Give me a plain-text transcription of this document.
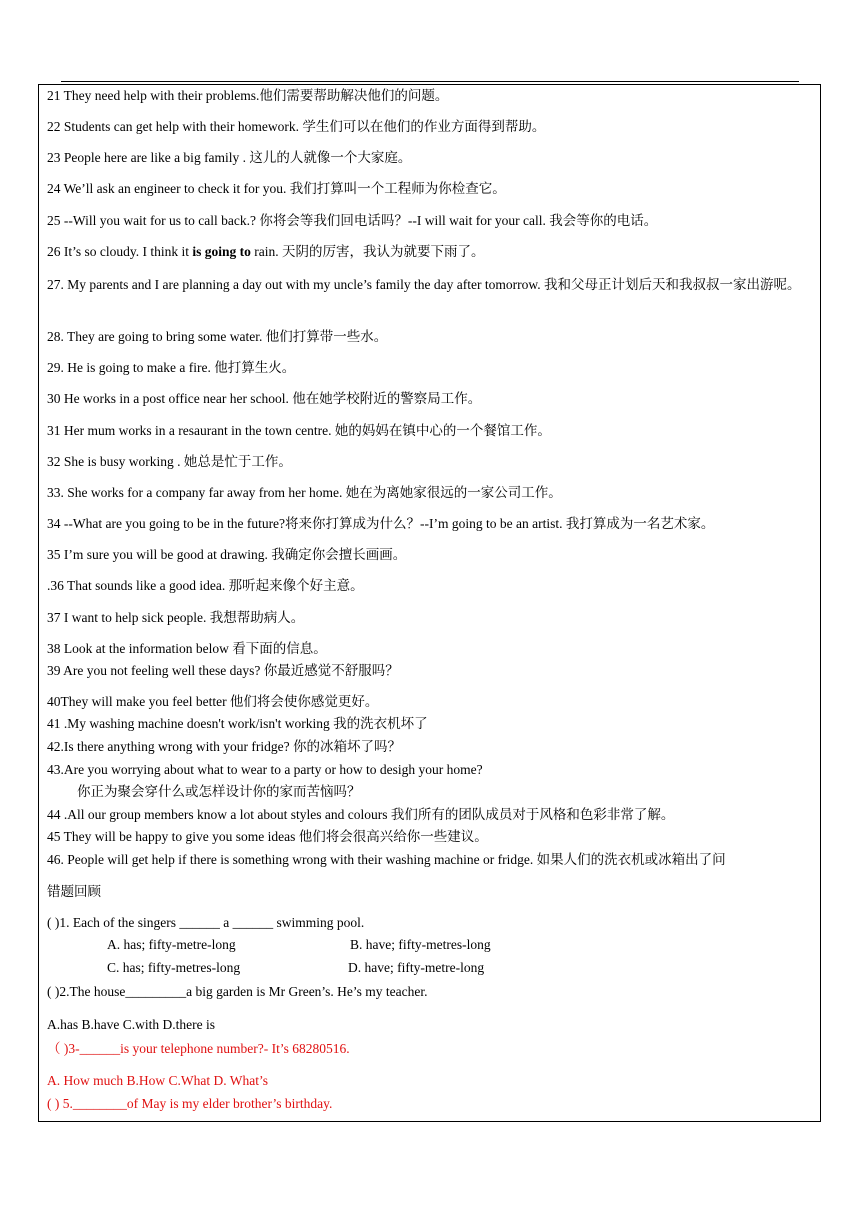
21 They need help with their problems.他们需要帮助解决他们的问题。
22 Students can get help with their homework. 学生们可以在他们的作业方面得到帮助。
23 People here are like a big family . 这儿的人就像一个大家庭。
24 We’ll ask an engineer to check it for you. 我们打算叫一个工程师为你检查它。
25 --Will you wait for us to call back.? 你将会等我们回电话吗？--I will wait for your call. 我会等你的电话。
26 It’s so cloudy. I think it is going to rain. 天阴的厉害，我认为就要下雨了。
27. My parents and I are planning a day out with my uncle’s family the day after tomorrow. 我和父母正计划后天和我叔叔一家出游呢。
28. They are going to bring some water. 他们打算带一些水。
29. He is going to make a fire. 他打算生火。
30 He works in a post office near her school. 他在她学校附近的警察局工作。
31 Her mum works in a resaurant in the town centre. 她的妈妈在镇中心的一个餐馆工作。
32 She is busy working . 她总是忙于工作。
33. She works for a company far away from her home. 她在为离她家很远的一家公司工作。
34 --What are you going to be in the future?将来你打算成为什么？--I’m going to be an artist. 我打算成为一名艺术家。
35 I’m sure you will be good at drawing. 我确定你会擅长画画。
.36 That sounds like a good idea. 那听起来像个好主意。
37 I want to help sick people. 我想帮助病人。
38 Look at the information below 看下面的信息。
39 Are you not feeling well these days? 你最近感觉不舒服吗？
40They will make you feel better 他们将会使你感觉更好。
41 .My washing machine doesn't work/isn't working 我的洗衣机坏了
42.Is there anything wrong with your fridge? 你的冰箱坏了吗？
43.Are you worrying about what to wear to a party or how to desigh your home?
你正为聚会穿什么或怎样设计你的家而苦恼吗？
44 .All our group members know a lot about styles and colours 我们所有的团队成员对于风格和色彩非常了解。
45 They will be happy to give you some ideas 他们将会很高兴给你一些建议。
46. People will get help if there is something wrong with their washing machine or fridge. 如果人们的洗衣机或冰箱出了问
错题回顾
( )1. Each of the singers ______ a ______ swimming pool.
A. has; fifty-metre-long	B. have; fifty-metres-long
C. has; fifty-metres-long	D. have; fifty-metre-long
( )2.The house_________a big garden is Mr Green’s. He’s my teacher.
A.has B.have C.with D.there is
（ )3-______is your telephone number?- It’s 68280516.
A. How much B.How C.What D. What’s
( ) 5.________of May is my elder brother’s birthday.
